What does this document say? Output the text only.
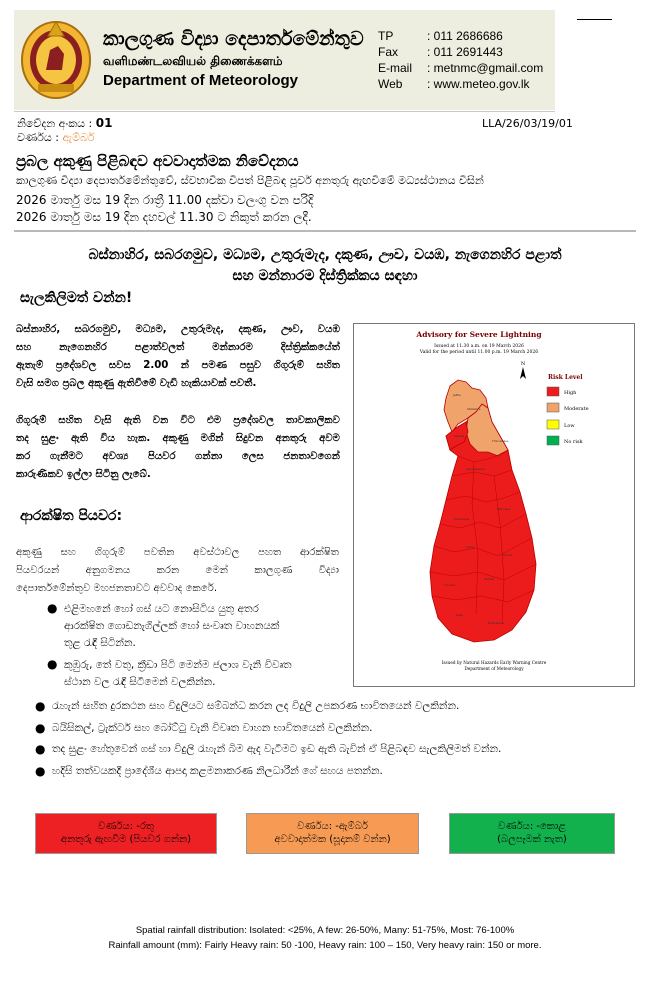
කාලගුණ විද්‍යා දෙපාර්තමේන්තුව
வளிமண்டலவியல் திணைக்களம்
Department of Meteorology
TP	: 011 2686686
Fax : 011 2691443
E-mail : metnmc@gmail.com
Web : www.meteo.gov.lk
නිවේදන අංකය : 01
වර්ණය : ඇම්බර්
LLA/26/03/19/01
ප්‍රබල අකුණු පිළිබඳව අවවාදාත්මක නිවේදනය
කාලගුණ විද්‍යා දෙපාර්තමේන්තුවේ, ස්වභාවික විපත් පිළිබඳ පූර්ව අනතුරු ඇඟවීමේ මධ්‍යස්ථානය විසින්
2026 මාර්තු මස 19 දින රාත්‍රී 11.00 දක්වා වලංගු වන පරිදි
2026 මාර්තු මස 19 දින දහවල් 11.30 ට නිකුත් කරන ලදී.
බස්නාහිර, සබරගමුව, මධ්‍යම, උතුරුමැද, දකුණ, ඌව, වයඹ, නැගෙනහිර පළාත්
සහ මන්නාරම දිස්ත්‍රික්කය සඳහා
සැලකිලිමත් වන්න!
බස්නාහිර, සබරගමුව, මධ්‍යම, උතුරුමැද, දකුණ, ඌව, වයඹ
සහ නැගෙනහිර පළාත්වලත් මන්නාරම දිස්ත්‍රික්කයේත්
ඇතැම් ප්‍රදේශවල සවස 2.00 න් පමණ පසුව ගිගුරුම් සහිත
වැසි සමග ප්‍රබල අකුණු ඇතිවීමේ වැඩි හැකියාවක් පවතී.
ගිගුරුම් සහිත වැසි ඇති වන විට එම ප්‍රදේශවල තාවකාලිකව
තද සුළං ඇති විය හැක. අකුණු මගින් සිදුවන අනතුරු අවම
කර ගැනීමට අවශ්‍ය පියවර ගන්නා ලෙස ජනතාවගෙන්
කාරුණිකව ඉල්ලා සිටිනු ලැබේ.
ආරක්ෂිත පියවර:
අකුණු සහ ගිගුරුම් පවතින අවස්ථාවල පහත ආරක්ෂිත
පියවරයන් අනුගමනය කරන මෙන් කාලගුණ විද්‍යා
දෙපාර්තමේන්තුව මහජනතාවට අවවාද කෙරේ.
● එළිමහනේ හෝ ගස් යට නොසිටිය යුතු අතර
ආරක්ෂිත ගොඩනැගිල්ලක් හෝ සංවෘත වාහනයක්
තුළ රැඳී සිටින්න.
● කුඹුරු, තේ වතු, ක්‍රීඩා පිටි මෙන්ම ජලාශ වැනි විවෘත
ස්ථාන වල රැඳී සිටීමෙන් වලකින්න.
● රැහැන් සහිත දුරකථන සහ විදුලියට සම්බන්ධ කරන ලද විදුලි උපකරණ භාවිතයෙන් වලකින්න.
● බයිසිකල්, ට්‍රැක්ටර් සහ බෝට්ටු වැනි විවෘත වාහන භාවිතයෙන් වලකින්න.
● තද සුළං හේතුවෙන් ගස් හා විදුලි රැහැන් බිම ඇද වැටීමට ඉඩ ඇති බැවින් ඒ පිළිබඳව සැලකිලිමත් වන්න.
● හදිසි තත්වයකදී ප්‍රාදේශීය ආපදා කළමනාකරණ නිලධාරීන් ගේ සහය පතන්න.
Advisory for Severe Lightning
Issued at 11.30 a.m. on 19 March 2026
Valid for the period until 11.00 p.m. 19 March 2026
N
Jaffna
Mullaitivu
Mannar
Anuradhapura
Trincomalee
Kurunegala
Batticaloa
Kandy
Ampara
Colombo
Badulla
Galle
Hambantota
Risk Level
High
Moderate
Low
No risk
Issued by Natural Hazards Early Warning Centre
Department of Meteorology
වර්ණය: -රතු
අනතුරු ඇඟවීම (පියවර ගන්න)
වර්ණය: -ඇම්බර්
අවවාදාත්මක (සූදානම් වන්න)
වර්ණය: -කොළ
(බලපෑමක් නැත)
Spatial rainfall distribution: Isolated: <25%, A few: 26-50%, Many: 51-75%, Most: 76-100%
Rainfall amount (mm): Fairly Heavy rain: 50 -100, Heavy rain: 100 – 150, Very heavy rain: 150 or more.
